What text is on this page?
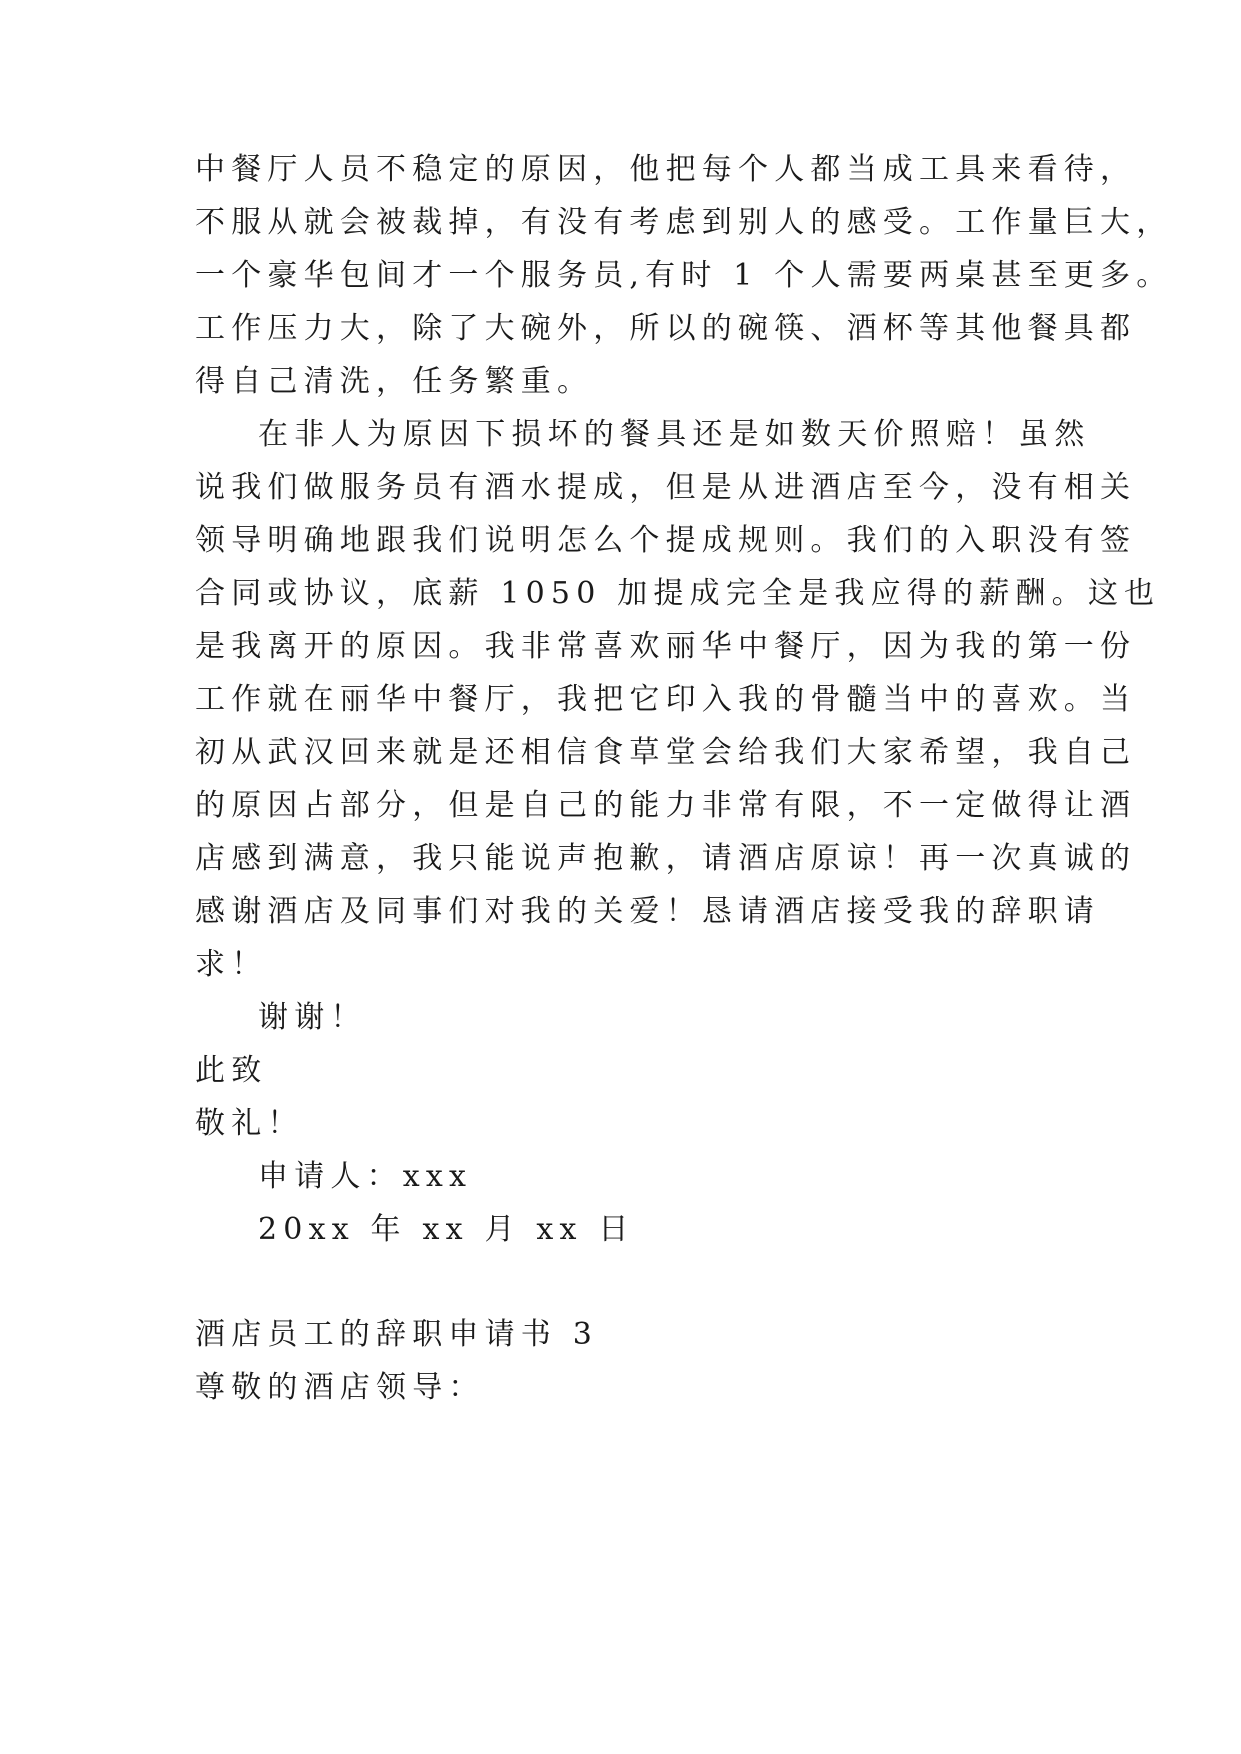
中餐厅人员不稳定的原因，他把每个人都当成工具来看待，
不服从就会被裁掉，有没有考虑到别人的感受。工作量巨大，
一个豪华包间才一个服务员,有时 1 个人需要两桌甚至更多。
工作压力大，除了大碗外，所以的碗筷、酒杯等其他餐具都
得自己清洗，任务繁重。
在非人为原因下损坏的餐具还是如数天价照赔！虽然
说我们做服务员有酒水提成，但是从进酒店至今，没有相关
领导明确地跟我们说明怎么个提成规则。我们的入职没有签
合同或协议，底薪 1050 加提成完全是我应得的薪酬。这也
是我离开的原因。我非常喜欢丽华中餐厅，因为我的第一份
工作就在丽华中餐厅，我把它印入我的骨髓当中的喜欢。当
初从武汉回来就是还相信食草堂会给我们大家希望，我自己
的原因占部分，但是自己的能力非常有限，不一定做得让酒
店感到满意，我只能说声抱歉，请酒店原谅！再一次真诚的
感谢酒店及同事们对我的关爱！恳请酒店接受我的辞职请
求！
谢谢！
此致
敬礼！
申请人：xxx
20xx 年 xx 月 xx 日
酒店员工的辞职申请书 3
尊敬的酒店领导：
